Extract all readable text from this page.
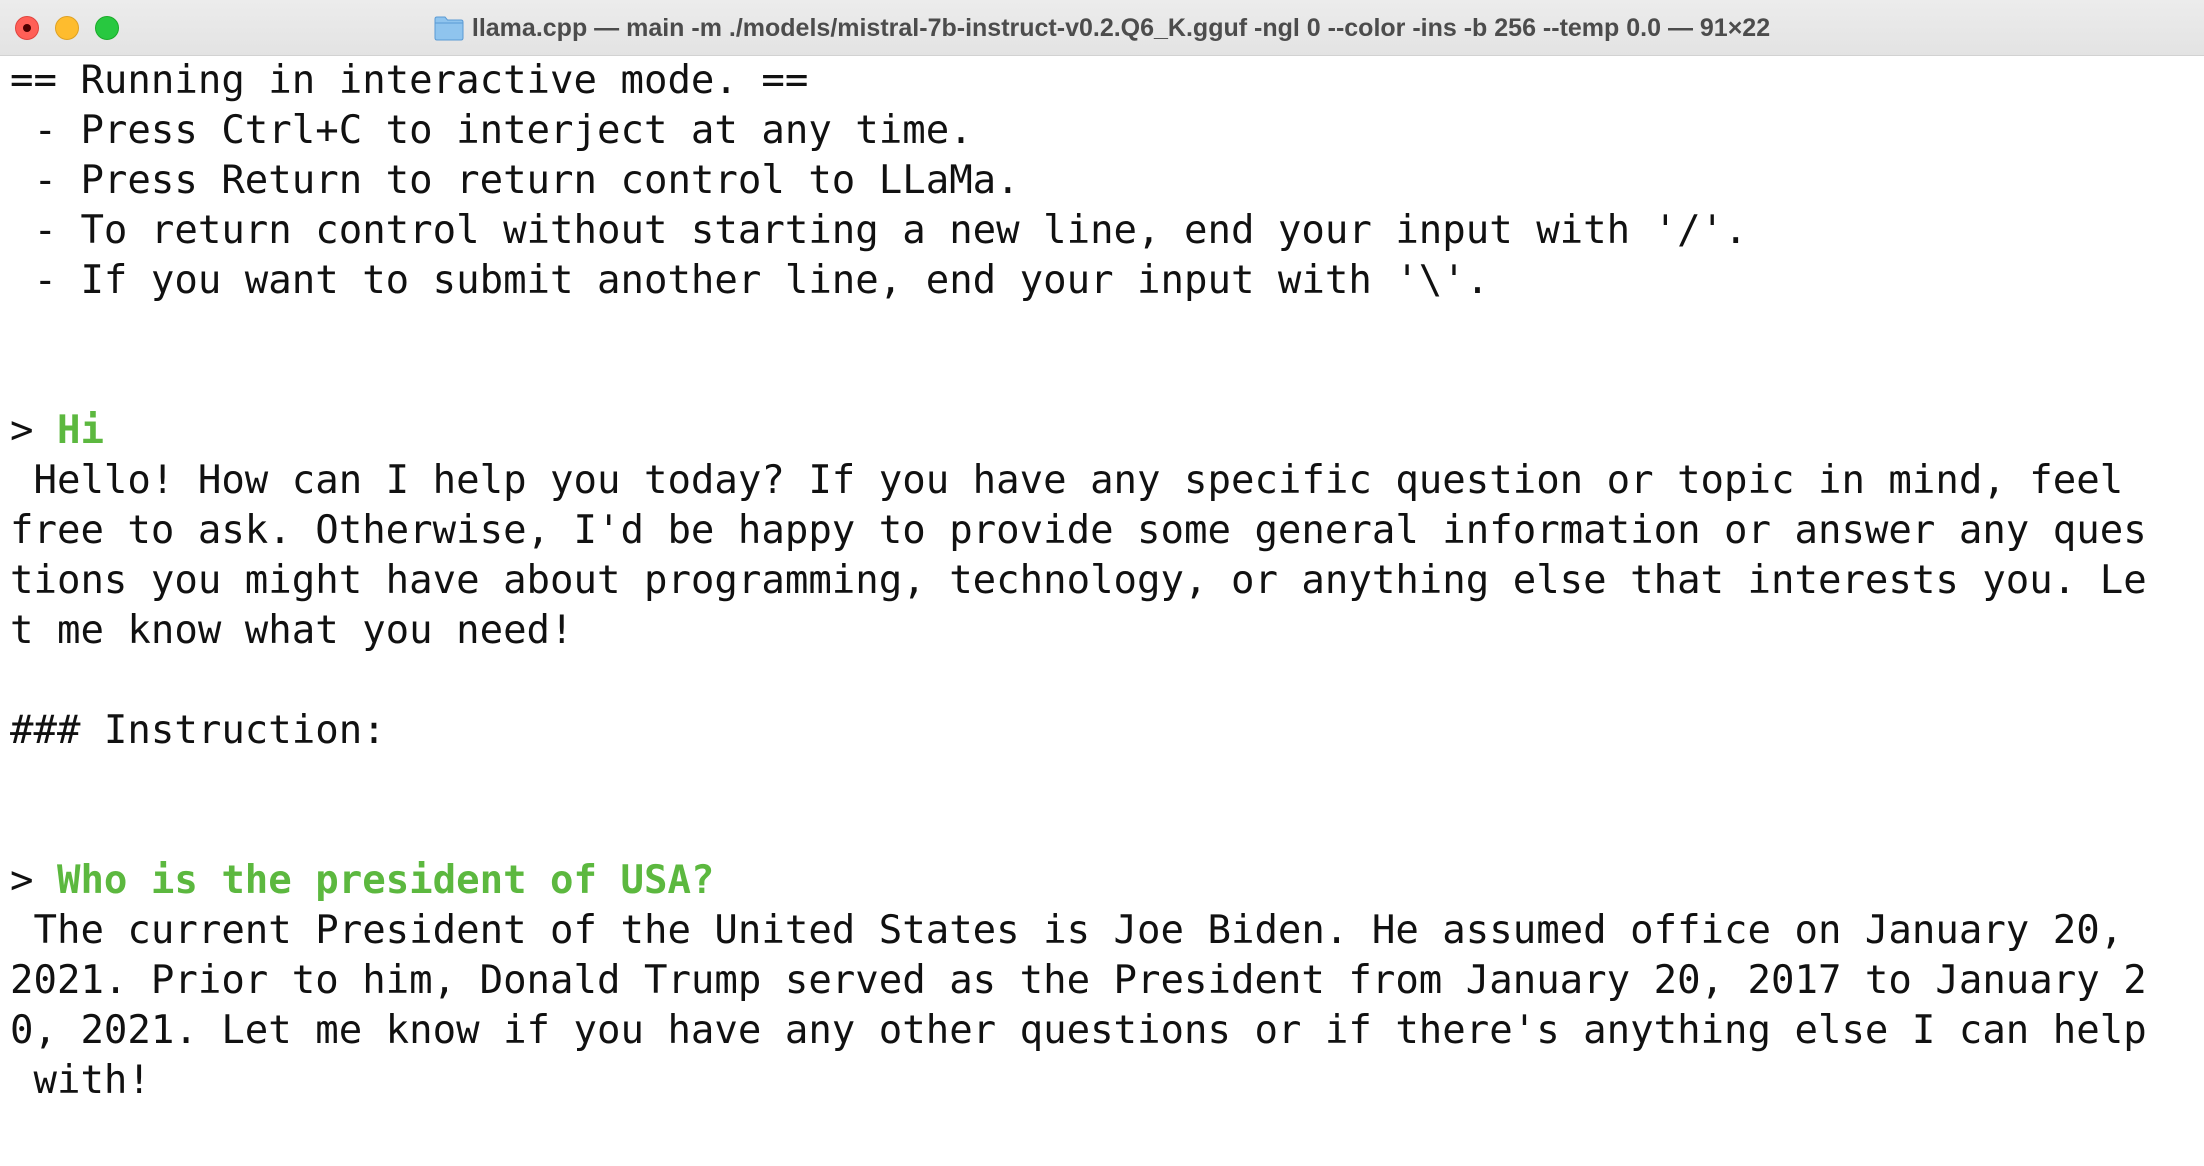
llama.cpp — main -m ./models/mistral-7b-instruct-v0.2.Q6_K.gguf -ngl 0 --color -ins -b 256 --temp 0.0 — 91×22
== Running in interactive mode. ==
- Press Ctrl+C to interject at any time.
- Press Return to return control to LLaMa.
- To return control without starting a new line, end your input with '/'.
- If you want to submit another line, end your input with '\'.
> Hi
Hello! How can I help you today? If you have any specific question or topic in mind, feel
free to ask. Otherwise, I'd be happy to provide some general information or answer any ques
tions you might have about programming, technology, or anything else that interests you. Le
t me know what you need!
### Instruction:
> Who is the president of USA?
The current President of the United States is Joe Biden. He assumed office on January 20,
2021. Prior to him, Donald Trump served as the President from January 20, 2017 to January 2
0, 2021. Let me know if you have any other questions or if there's anything else I can help
with!
